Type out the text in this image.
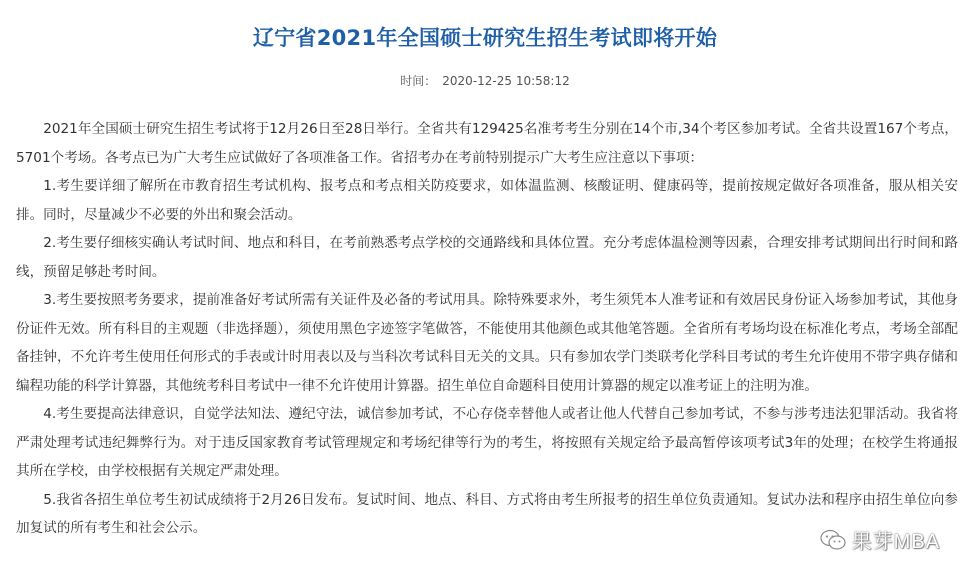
辽宁省2021年全国硕士研究生招生考试即将开始
时间： 2020-12-25 10:58:12

2021年全国硕士研究生招生考试将于12月26日至28日举行。全省共有129425名准考考生分别在14个市,34个考区参加考试。全省共设置167个考点，5701个考场。各考点已为广大考生应试做好了各项准备工作。省招考办在考前特别提示广大考生应注意以下事项：

1.考生要详细了解所在市教育招生考试机构、报考点和考点相关防疫要求，如体温监测、核酸证明、健康码等，提前按规定做好各项准备，服从相关安排。同时，尽量减少不必要的外出和聚会活动。

2.考生要仔细核实确认考试时间、地点和科目，在考前熟悉考点学校的交通路线和具体位置。充分考虑体温检测等因素，合理安排考试期间出行时间和路线，预留足够赴考时间。

3.考生要按照考务要求，提前准备好考试所需有关证件及必备的考试用具。除特殊要求外，考生须凭本人准考证和有效居民身份证入场参加考试，其他身份证件无效。所有科目的主观题（非选择题），须使用黑色字迹签字笔做答，不能使用其他颜色或其他笔答题。全省所有考场均设在标准化考点，考场全部配备挂钟，不允许考生使用任何形式的手表或计时用表以及与当科次考试科目无关的文具。只有参加农学门类联考化学科目考试的考生允许使用不带字典存储和编程功能的科学计算器，其他统考科目考试中一律不允许使用计算器。招生单位自命题科目使用计算器的规定以准考证上的注明为准。

4.考生要提高法律意识，自觉学法知法、遵纪守法，诚信参加考试，不心存侥幸替他人或者让他人代替自己参加考试，不参与涉考违法犯罪活动。我省将严肃处理考试违纪舞弊行为。对于违反国家教育考试管理规定和考场纪律等行为的考生，将按照有关规定给予最高暂停该项考试3年的处理；在校学生将通报其所在学校，由学校根据有关规定严肃处理。

5.我省各招生单位考生初试成绩将于2月26日发布。复试时间、地点、科目、方式将由考生所报考的招生单位负责通知。复试办法和程序由招生单位向参加复试的所有考生和社会公示。

果芽MBA
